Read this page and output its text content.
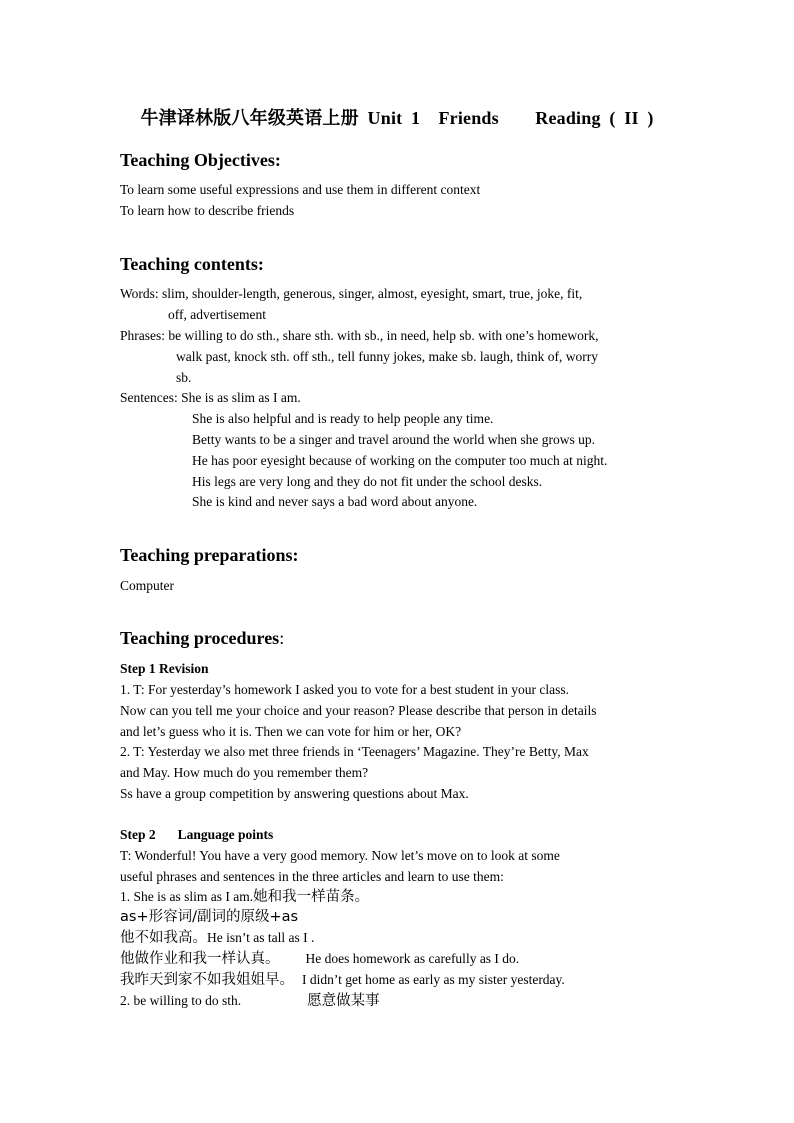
牛津译林版八年级英语上册 Unit 1　Friends　　Reading ( II )
Teaching Objectives:
To learn some useful expressions and use them in different context
To learn how to describe friends
Teaching contents:
Words: slim, shoulder-length, generous, singer, almost, eyesight, smart, true, joke, fit,
off, advertisement
Phrases: be willing to do sth., share sth. with sb., in need, help sb. with one’s homework,
walk past, knock sth. off sth., tell funny jokes, make sb. laugh, think of, worry
sb.
Sentences: She is as slim as I am.
She is also helpful and is ready to help people any time.
Betty wants to be a singer and travel around the world when she grows up.
He has poor eyesight because of working on the computer too much at night.
His legs are very long and they do not fit under the school desks.
She is kind and never says a bad word about anyone.
Teaching preparations:
Computer
Teaching procedures:
Step 1 Revision
1. T: For yesterday’s homework I asked you to vote for a best student in your class.
Now can you tell me your choice and your reason? Please describe that person in details
and let’s guess who it is. Then we can vote for him or her, OK?
2. T: Yesterday we also met three friends in ‘Teenagers’ Magazine. They’re Betty, Max
and May. How much do you remember them?
Ss have a group competition by answering questions about Max.
Step 2 Language points
T: Wonderful! You have a very good memory. Now let’s move on to look at some
useful phrases and sentences in the three articles and learn to use them:
1. She is as slim as I am.她和我一样苗条。
as+形容词/副词的原级+as
他不如我高。He isn’t as tall as I .
他做作业和我一样认真。 He does homework as carefully as I do.
我昨天到家不如我姐姐早。 I didn’t get home as early as my sister yesterday.
2. be willing to do sth.	愿意做某事
